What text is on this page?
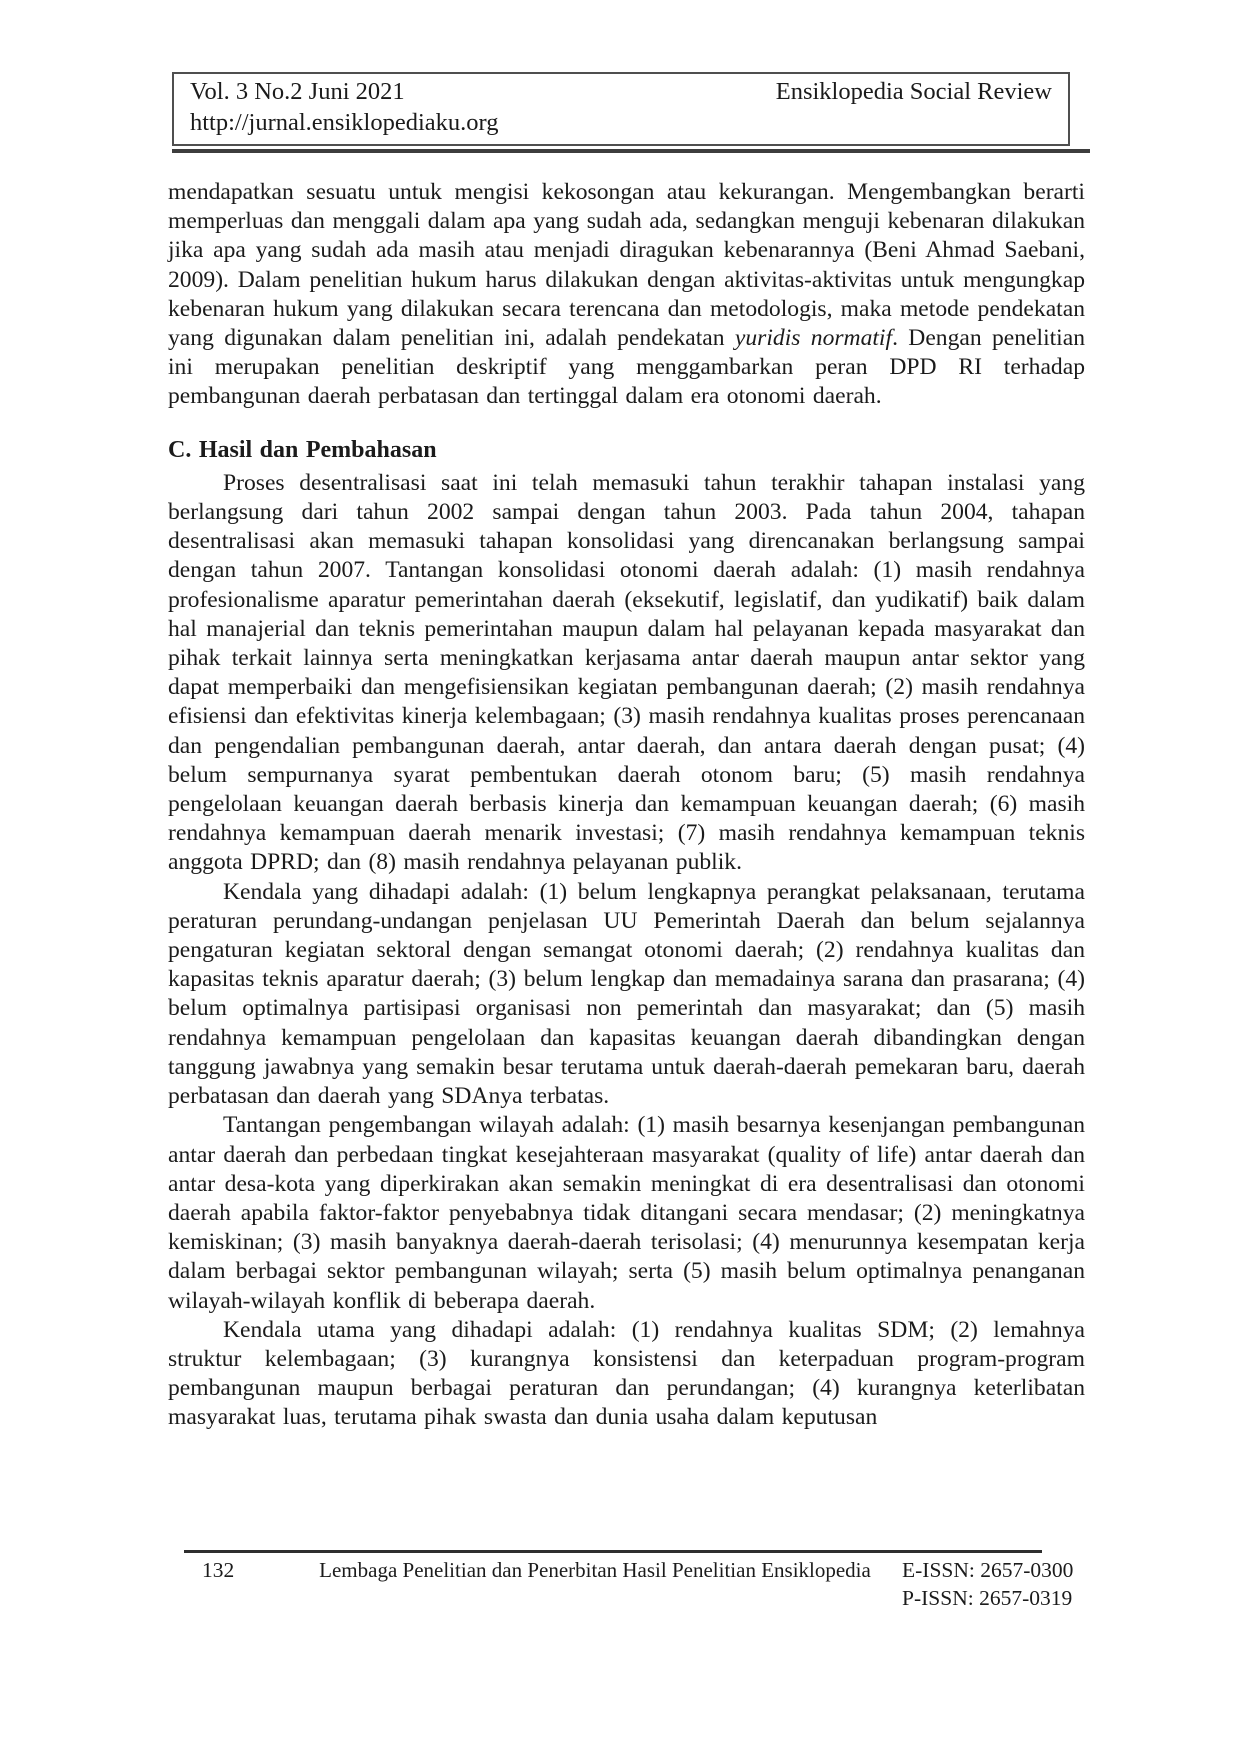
Vol. 3 No.2 Juni 2021	Ensiklopedia Social Review
http://jurnal.ensiklopediaku.org

mendapatkan sesuatu untuk mengisi kekosongan atau kekurangan. Mengembangkan berarti memperluas dan menggali dalam apa yang sudah ada, sedangkan menguji kebenaran dilakukan jika apa yang sudah ada masih atau menjadi diragukan kebenarannya (Beni Ahmad Saebani, 2009). Dalam penelitian hukum harus dilakukan dengan aktivitas-aktivitas untuk mengungkap kebenaran hukum yang dilakukan secara terencana dan metodologis, maka metode pendekatan yang digunakan dalam penelitian ini, adalah pendekatan yuridis normatif. Dengan penelitian ini merupakan penelitian deskriptif yang menggambarkan peran DPD RI terhadap pembangunan daerah perbatasan dan tertinggal dalam era otonomi daerah.

C. Hasil dan Pembahasan

Proses desentralisasi saat ini telah memasuki tahun terakhir tahapan instalasi yang berlangsung dari tahun 2002 sampai dengan tahun 2003. Pada tahun 2004, tahapan desentralisasi akan memasuki tahapan konsolidasi yang direncanakan berlangsung sampai dengan tahun 2007. Tantangan konsolidasi otonomi daerah adalah: (1) masih rendahnya profesionalisme aparatur pemerintahan daerah (eksekutif, legislatif, dan yudikatif) baik dalam hal manajerial dan teknis pemerintahan maupun dalam hal pelayanan kepada masyarakat dan pihak terkait lainnya serta meningkatkan kerjasama antar daerah maupun antar sektor yang dapat memperbaiki dan mengefisiensikan kegiatan pembangunan daerah; (2) masih rendahnya efisiensi dan efektivitas kinerja kelembagaan; (3) masih rendahnya kualitas proses perencanaan dan pengendalian pembangunan daerah, antar daerah, dan antara daerah dengan pusat; (4) belum sempurnanya syarat pembentukan daerah otonom baru; (5) masih rendahnya pengelolaan keuangan daerah berbasis kinerja dan kemampuan keuangan daerah; (6) masih rendahnya kemampuan daerah menarik investasi; (7) masih rendahnya kemampuan teknis anggota DPRD; dan (8) masih rendahnya pelayanan publik.

Kendala yang dihadapi adalah: (1) belum lengkapnya perangkat pelaksanaan, terutama peraturan perundang-undangan penjelasan UU Pemerintah Daerah dan belum sejalannya pengaturan kegiatan sektoral dengan semangat otonomi daerah; (2) rendahnya kualitas dan kapasitas teknis aparatur daerah; (3) belum lengkap dan memadainya sarana dan prasarana; (4) belum optimalnya partisipasi organisasi non pemerintah dan masyarakat; dan (5) masih rendahnya kemampuan pengelolaan dan kapasitas keuangan daerah dibandingkan dengan tanggung jawabnya yang semakin besar terutama untuk daerah-daerah pemekaran baru, daerah perbatasan dan daerah yang SDAnya terbatas.

Tantangan pengembangan wilayah adalah: (1) masih besarnya kesenjangan pembangunan antar daerah dan perbedaan tingkat kesejahteraan masyarakat (quality of life) antar daerah dan antar desa-kota yang diperkirakan akan semakin meningkat di era desentralisasi dan otonomi daerah apabila faktor-faktor penyebabnya tidak ditangani secara mendasar; (2) meningkatnya kemiskinan; (3) masih banyaknya daerah-daerah terisolasi; (4) menurunnya kesempatan kerja dalam berbagai sektor pembangunan wilayah; serta (5) masih belum optimalnya penanganan wilayah-wilayah konflik di beberapa daerah.

Kendala utama yang dihadapi adalah: (1) rendahnya kualitas SDM; (2) lemahnya struktur kelembagaan; (3) kurangnya konsistensi dan keterpaduan program-program pembangunan maupun berbagai peraturan dan perundangan; (4) kurangnya keterlibatan masyarakat luas, terutama pihak swasta dan dunia usaha dalam keputusan

132	Lembaga Penelitian dan Penerbitan Hasil Penelitian Ensiklopedia	E-ISSN: 2657-0300
P-ISSN: 2657-0319
